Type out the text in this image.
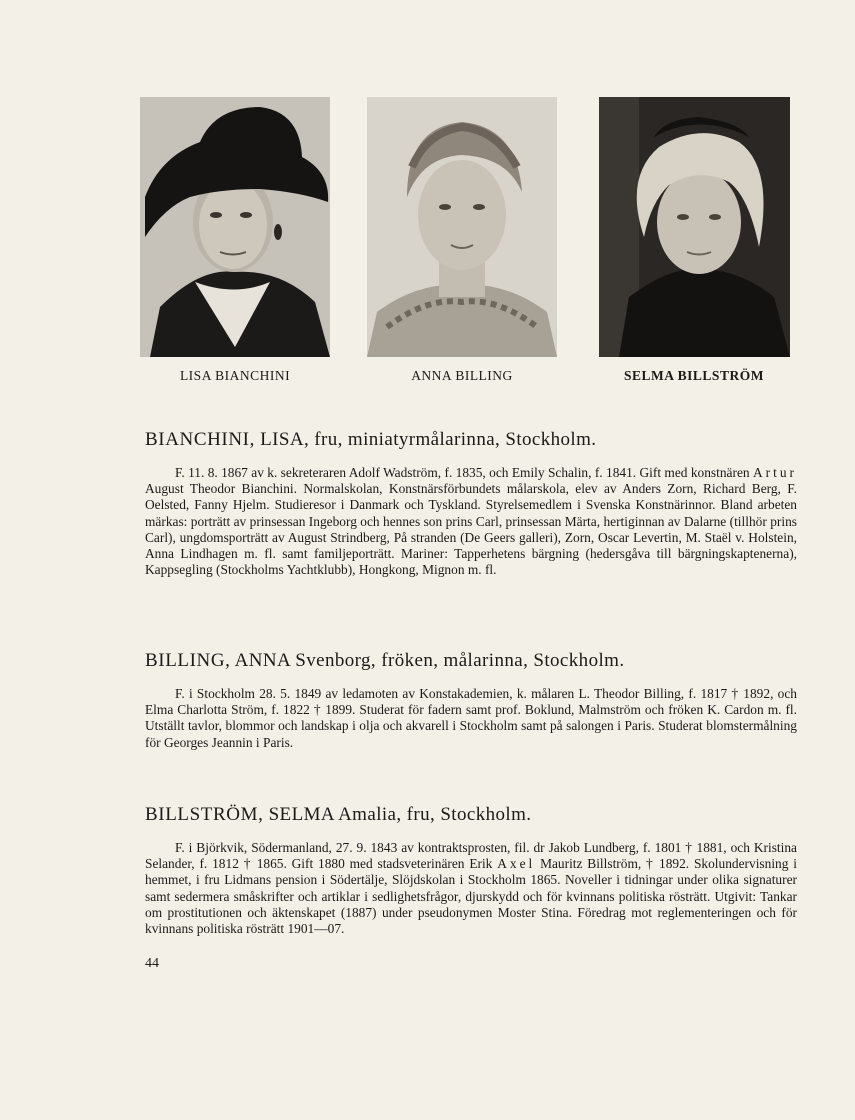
LISA BIANCHINI	ANNA BILLING	SELMA BILLSTRÖM
BIANCHINI, LISA, fru, miniatyrmålarinna, Stockholm.

F. 11. 8. 1867 av k. sekreteraren Adolf Wadström, f. 1835, och Emily Schalin, f. 1841. Gift med konstnären Artur August Theodor Bianchini. Normalskolan, Konstnärsförbundets målarskola, elev av Anders Zorn, Richard Berg, F. Oelsted, Fanny Hjelm. Studieresor i Danmark och Tyskland. Styrelsemedlem i Svenska Konstnärinnor. Bland arbeten märkas: porträtt av prinsessan Ingeborg och hennes son prins Carl, prinsessan Märta, hertiginnan av Dalarne (tillhör prins Carl), ungdomsporträtt av August Strindberg, På stranden (De Geers galleri), Zorn, Oscar Levertin, M. Staël v. Holstein, Anna Lindhagen m. fl. samt familjeporträtt. Mariner: Tapperhetens bärgning (hedersgåva till bärgningskaptenerna), Kappsegling (Stockholms Yachtklubb), Hongkong, Mignon m. fl.

BILLING, ANNA Svenborg, fröken, målarinna, Stockholm.

F. i Stockholm 28. 5. 1849 av ledamoten av Konstakademien, k. målaren L. Theodor Billing, f. 1817 † 1892, och Elma Charlotta Ström, f. 1822 † 1899. Studerat för fadern samt prof. Boklund, Malmström och fröken K. Cardon m. fl. Utställt tavlor, blommor och landskap i olja och akvarell i Stockholm samt på salongen i Paris. Studerat blomstermålning för Georges Jeannin i Paris.

BILLSTRÖM, SELMA Amalia, fru, Stockholm.

F. i Björkvik, Södermanland, 27. 9. 1843 av kontraktsprosten, fil. dr Jakob Lundberg, f. 1801 † 1881, och Kristina Selander, f. 1812 † 1865. Gift 1880 med stadsveterinären Erik Axel Mauritz Billström, † 1892. Skolundervisning i hemmet, i fru Lidmans pension i Södertälje, Slöjdskolan i Stockholm 1865. Noveller i tidningar under olika signaturer samt sedermera småskrifter och artiklar i sedlighetsfrågor, djurskydd och för kvinnans politiska rösträtt. Utgivit: Tankar om prostitutionen och äktenskapet (1887) under pseudonymen Moster Stina. Föredrag mot reglementeringen och för kvinnans politiska rösträtt 1901—07.

44
